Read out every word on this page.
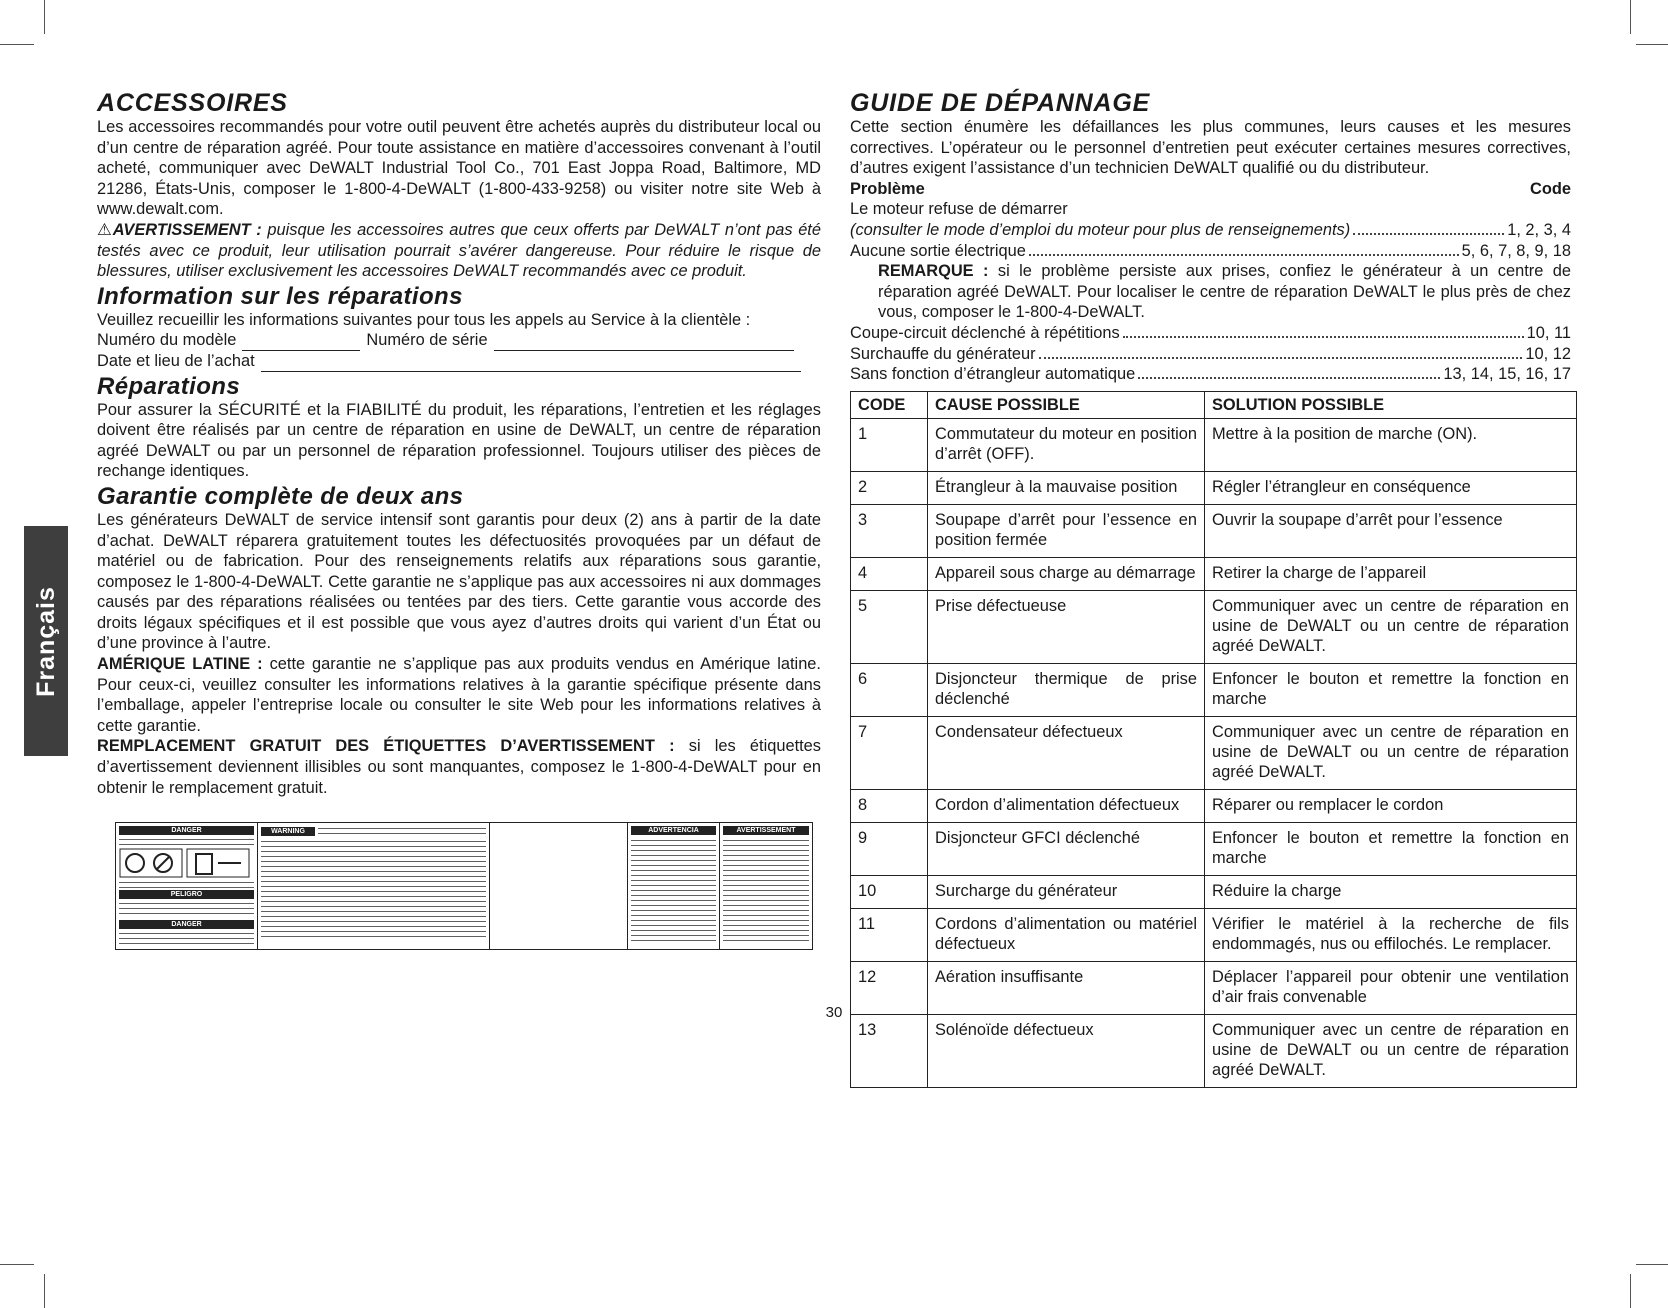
Français
ACCESSOIRES

Les accessoires recommandés pour votre outil peuvent être achetés auprès du distributeur local ou d’un centre de réparation agréé. Pour toute assistance en matière d’accessoires convenant à l’outil acheté, communiquer avec DeWALT Industrial Tool Co., 701 East Joppa Road, Baltimore, MD 21286, États-Unis, composer le 1-800-4-DeWALT (1-800-433-9258) ou visiter notre site Web à www.dewalt.com.

⚠AVERTISSEMENT : puisque les accessoires autres que ceux offerts par DeWALT n’ont pas été testés avec ce produit, leur utilisation pourrait s’avérer dangereuse. Pour réduire le risque de blessures, utiliser exclusivement les accessoires DeWALT recommandés avec ce produit.

Information sur les réparations

Veuillez recueillir les informations suivantes pour tous les appels au Service à la clientèle :

Numéro du modèle	Numéro de série
Date et lieu de l’achat
Réparations

Pour assurer la SÉCURITÉ et la FIABILITÉ du produit, les réparations, l’entretien et les réglages doivent être réalisés par un centre de réparation en usine de DeWALT, un centre de réparation agréé DeWALT ou par un personnel de réparation professionnel. Toujours utiliser des pièces de rechange identiques.

Garantie complète de deux ans

Les générateurs DeWALT de service intensif sont garantis pour deux (2) ans à partir de la date d’achat. DeWALT réparera gratuitement toutes les défectuosités provoquées par un défaut de matériel ou de fabrication. Pour des renseignements relatifs aux réparations sous garantie, composez le 1-800-4-DeWALT. Cette garantie ne s’applique pas aux accessoires ni aux dommages causés par des réparations réalisées ou tentées par des tiers. Cette garantie vous accorde des droits légaux spécifiques et il est possible que vous ayez d’autres droits qui varient d’un État ou d’une province à l’autre.

AMÉRIQUE LATINE : cette garantie ne s’applique pas aux produits vendus en Amérique latine. Pour ceux-ci, veuillez consulter les informations relatives à la garantie spécifique présente dans l’emballage, appeler l’entreprise locale ou consulter le site Web pour les informations relatives à cette garantie.

REMPLACEMENT GRATUIT DES ÉTIQUETTES D’AVERTISSEMENT : si les étiquettes d’avertissement deviennent illisibles ou sont manquantes, composez le 1-800-4-DeWALT pour en obtenir le remplacement gratuit.

DANGER
PELIGRO
DANGER
WARNING	ADVERTENCIA	AVERTISSEMENT
GUIDE DE DÉPANNAGE

Cette section énumère les défaillances les plus communes, leurs causes et les mesures correctives. L’opérateur ou le personnel d’entretien peut exécuter certaines mesures correctives, d’autres exigent l’assistance d’un technicien DeWALT qualifié ou du distributeur.

Problème	Code
Le moteur refuse de démarrer
(consulter le mode d’emploi du moteur pour plus de renseignements)	1, 2, 3, 4
Aucune sortie électrique	5, 6, 7, 8, 9, 18

REMARQUE : si le problème persiste aux prises, confiez le générateur à un centre de réparation agréé DeWALT. Pour localiser le centre de réparation DeWALT le plus près de chez vous, composer le 1-800-4-DeWALT.

Coupe-circuit déclenché à répétitions	10, 11
Surchauffe du générateur	10, 12
Sans fonction d’étrangleur automatique	13, 14, 15, 16, 17
CODE	CAUSE POSSIBLE	SOLUTION POSSIBLE
1	Commutateur du moteur en position d’arrêt (OFF).	Mettre à la position de marche (ON).
2	Étrangleur à la mauvaise position	Régler l’étrangleur en conséquence
3	Soupape d’arrêt pour l’essence en position fermée	Ouvrir la soupape d’arrêt pour l’essence
4	Appareil sous charge au démarrage	Retirer la charge de l’appareil
5	Prise défectueuse	Communiquer avec un centre de réparation en usine de DeWALT ou un centre de réparation agréé DeWALT.
6	Disjoncteur thermique de prise déclenché	Enfoncer le bouton et remettre la fonction en marche
7	Condensateur défectueux	Communiquer avec un centre de réparation en usine de DeWALT ou un centre de réparation agréé DeWALT.
8	Cordon d’alimentation défectueux	Réparer ou remplacer le cordon
9	Disjoncteur GFCI déclenché	Enfoncer le bouton et remettre la fonction en marche
10	Surcharge du générateur	Réduire la charge
11	Cordons d’alimentation ou matériel défectueux	Vérifier le matériel à la recherche de fils endommagés, nus ou effilochés. Le remplacer.
12	Aération insuffisante	Déplacer l’appareil pour obtenir une ventilation d’air frais convenable
13	Solénoïde défectueux	Communiquer avec un centre de réparation en usine de DeWALT ou un centre de réparation agréé DeWALT.
30
